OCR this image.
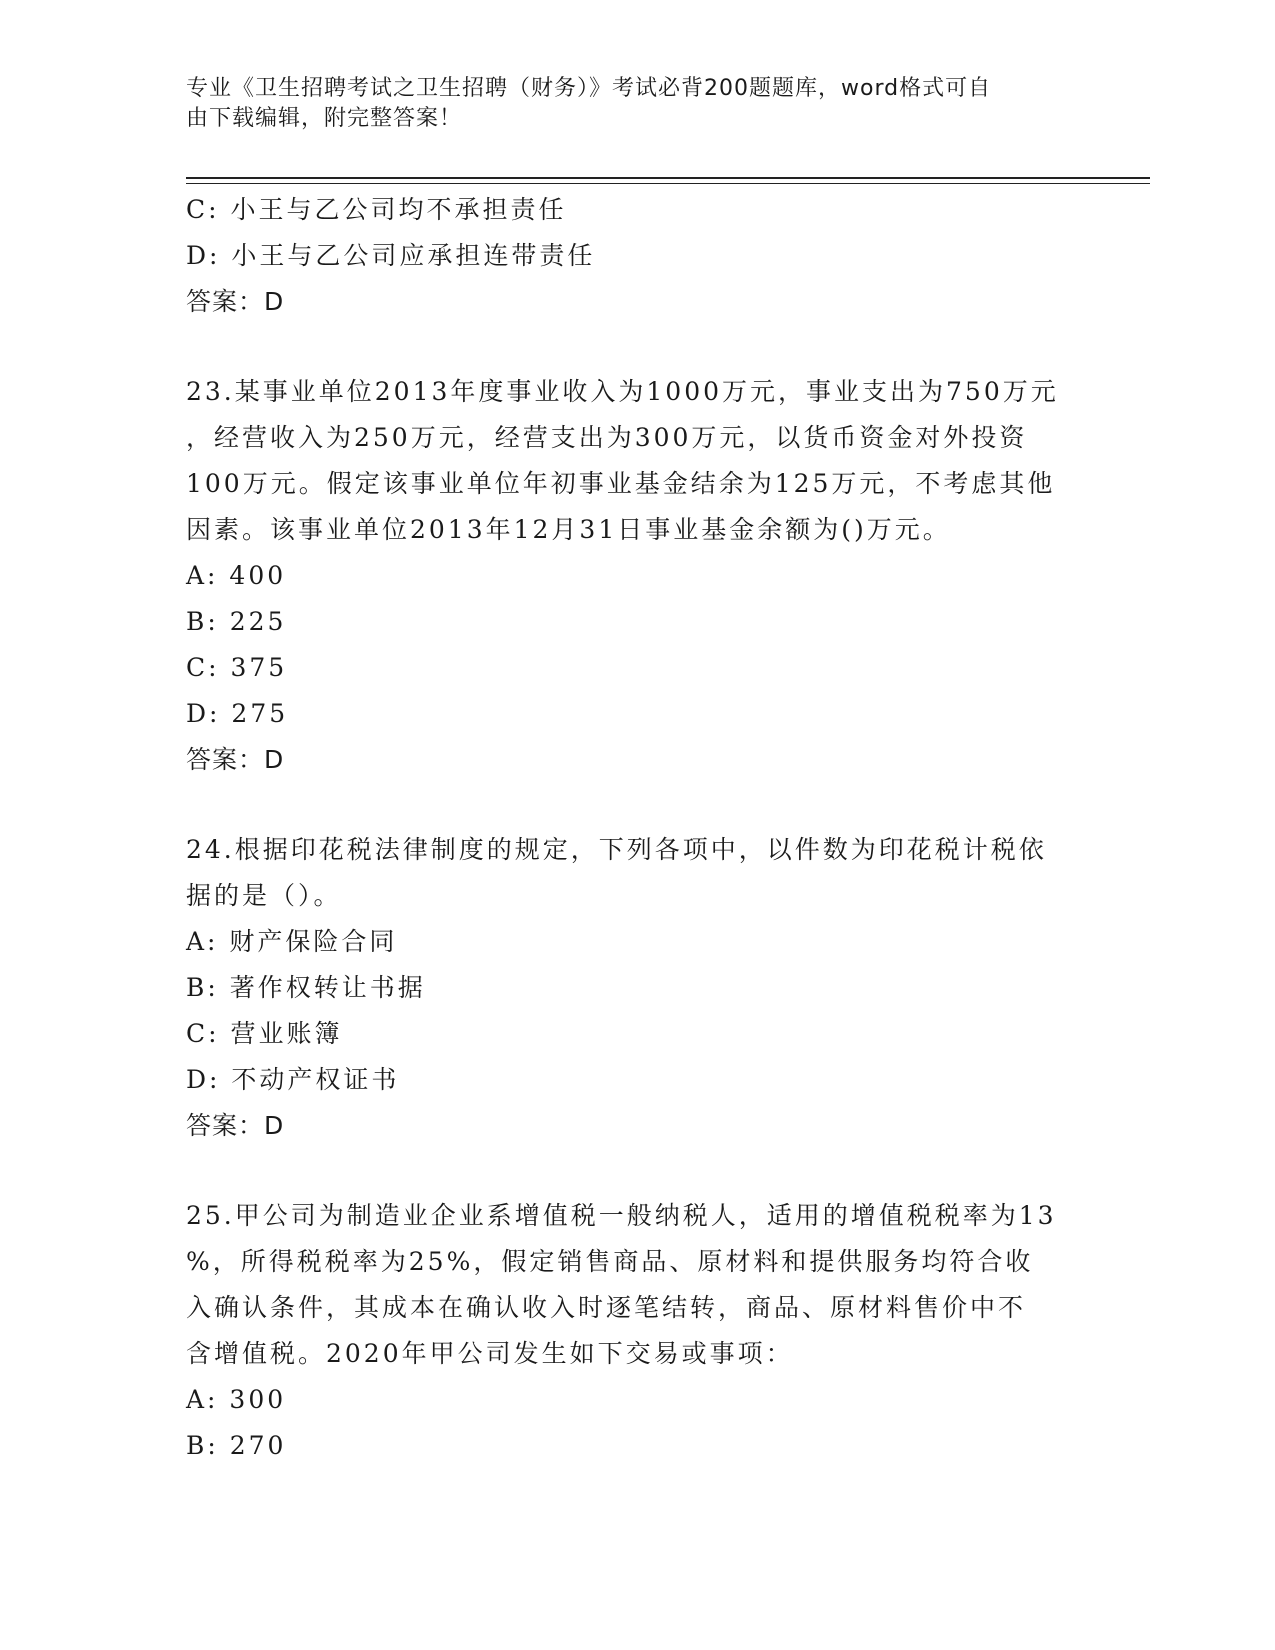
专业《卫生招聘考试之卫生招聘（财务）》考试必背200题题库，word格式可自
由下载编辑，附完整答案！
C: 小王与乙公司均不承担责任
D: 小王与乙公司应承担连带责任
答案：D
23.某事业单位2013年度事业收入为1000万元，事业支出为750万元
，经营收入为250万元，经营支出为300万元，以货币资金对外投资
100万元。假定该事业单位年初事业基金结余为125万元，不考虑其他
因素。该事业单位2013年12月31日事业基金余额为()万元。
A: 400
B: 225
C: 375
D: 275
答案：D
24.根据印花税法律制度的规定，下列各项中，以件数为印花税计税依
据的是（）。
A: 财产保险合同
B: 著作权转让书据
C: 营业账簿
D: 不动产权证书
答案：D
25.甲公司为制造业企业系增值税一般纳税人，适用的增值税税率为13
%，所得税税率为25%，假定销售商品、原材料和提供服务均符合收
入确认条件，其成本在确认收入时逐笔结转，商品、原材料售价中不
含增值税。2020年甲公司发生如下交易或事项：
A: 300
B: 270
